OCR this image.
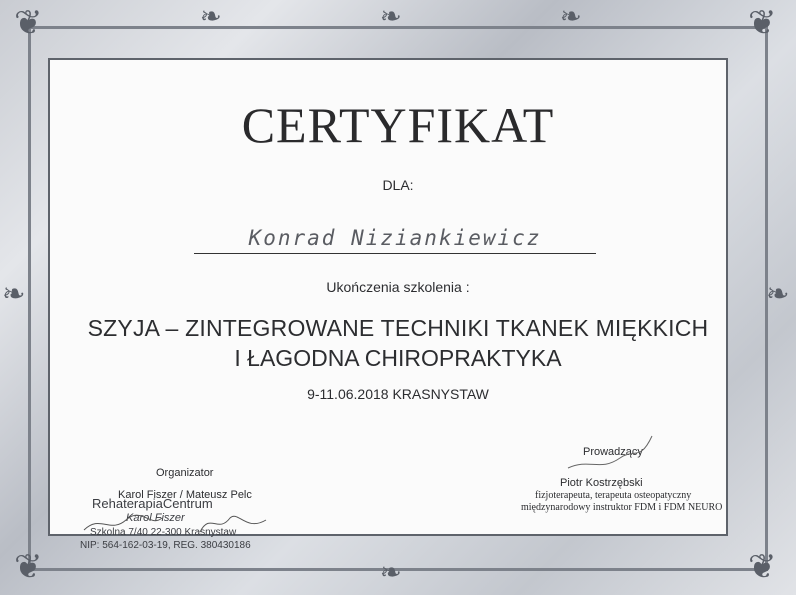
❦	❦
❦	❦
❧	❧	❧
❧
❧	❧
CERTYFIKAT
DLA:
Konrad Niziankiewicz
Ukończenia szkolenia :
SZYJA – ZINTEGROWANE TECHNIKI TKANEK MIĘKKICH
I ŁAGODNA CHIROPRAKTYKA
9-11.06.2018 KRASNYSTAW
Organizator
Karol Fiszer / Mateusz Pelc
RehaterapiaCentrum
Karol Fiszer
Szkolna 7/40 22-300 Krasnystaw
NIP: 564-162-03-19, REG. 380430186
Prowadzący
Piotr Kostrzębski
fizjoterapeuta, terapeuta osteopatyczny
międzynarodowy instruktor FDM i FDM NEURO
